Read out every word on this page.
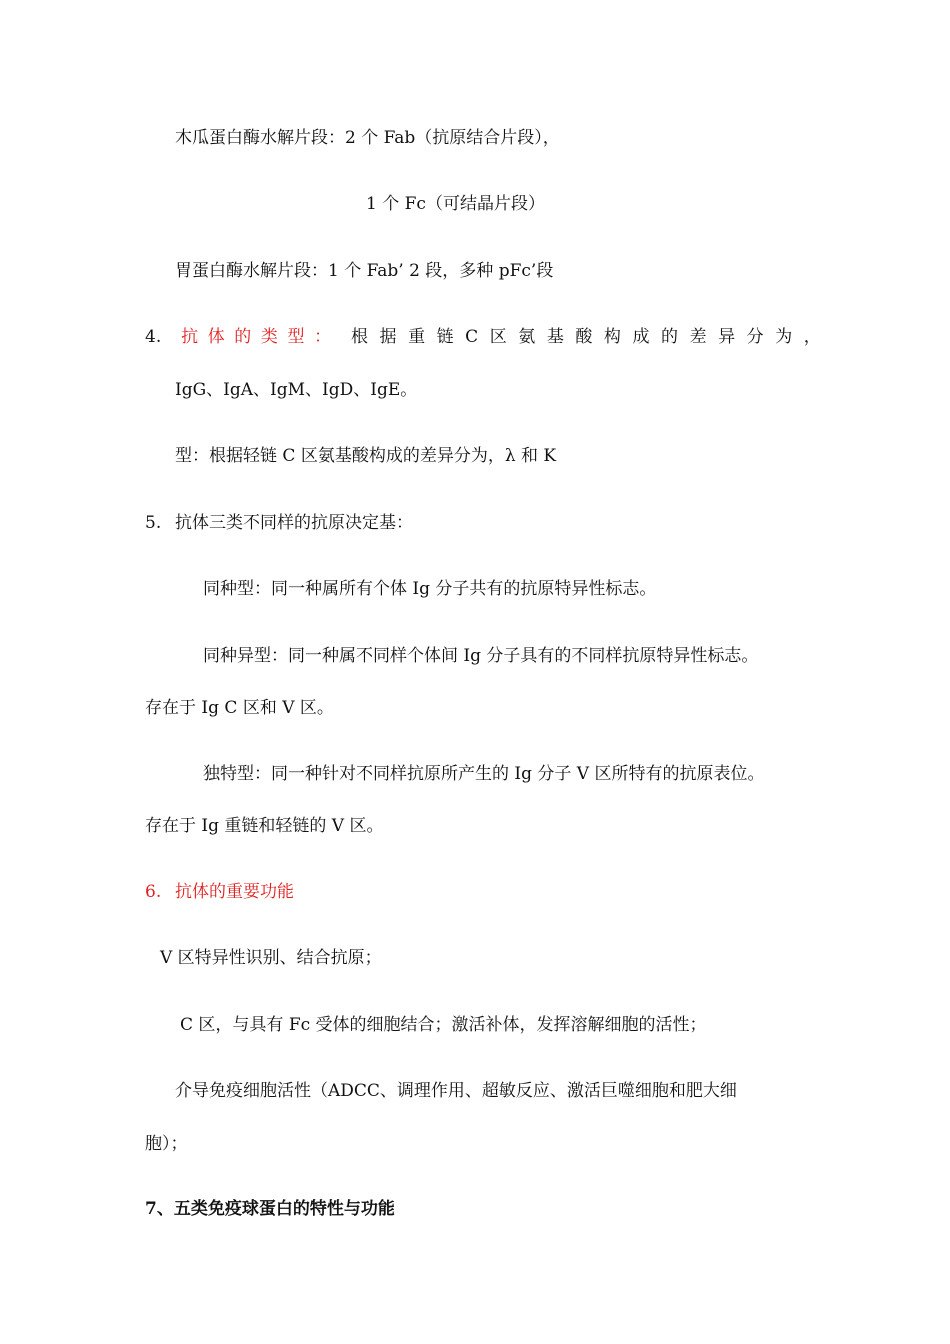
木瓜蛋白酶水解片段：2 个 Fab（抗原结合片段），
1 个 Fc（可结晶片段）
胃蛋白酶水解片段：1 个 Fab’ 2 段，多种 pFc’段
4. 抗 体 的 类 型 ： 根 据 重 链 C 区 氨 基 酸 构 成 的 差 异 分 为 ，
IgG、IgA、IgM、IgD、IgE。
型：根据轻链 C 区氨基酸构成的差异分为，λ 和 K
5. 抗体三类不同样的抗原决定基：
同种型：同一种属所有个体 Ig 分子共有的抗原特异性标志。
同种异型：同一种属不同样个体间 Ig 分子具有的不同样抗原特异性标志。
存在于 Ig C 区和 V 区。
独特型：同一种针对不同样抗原所产生的 Ig 分子 V 区所特有的抗原表位。
存在于 Ig 重链和轻链的 V 区。
6. 抗体的重要功能
V 区特异性识别、结合抗原；
C 区，与具有 Fc 受体的细胞结合；激活补体，发挥溶解细胞的活性；
介导免疫细胞活性（ADCC、调理作用、超敏反应、激活巨噬细胞和肥大细
胞）；
7、五类免疫球蛋白的特性与功能
